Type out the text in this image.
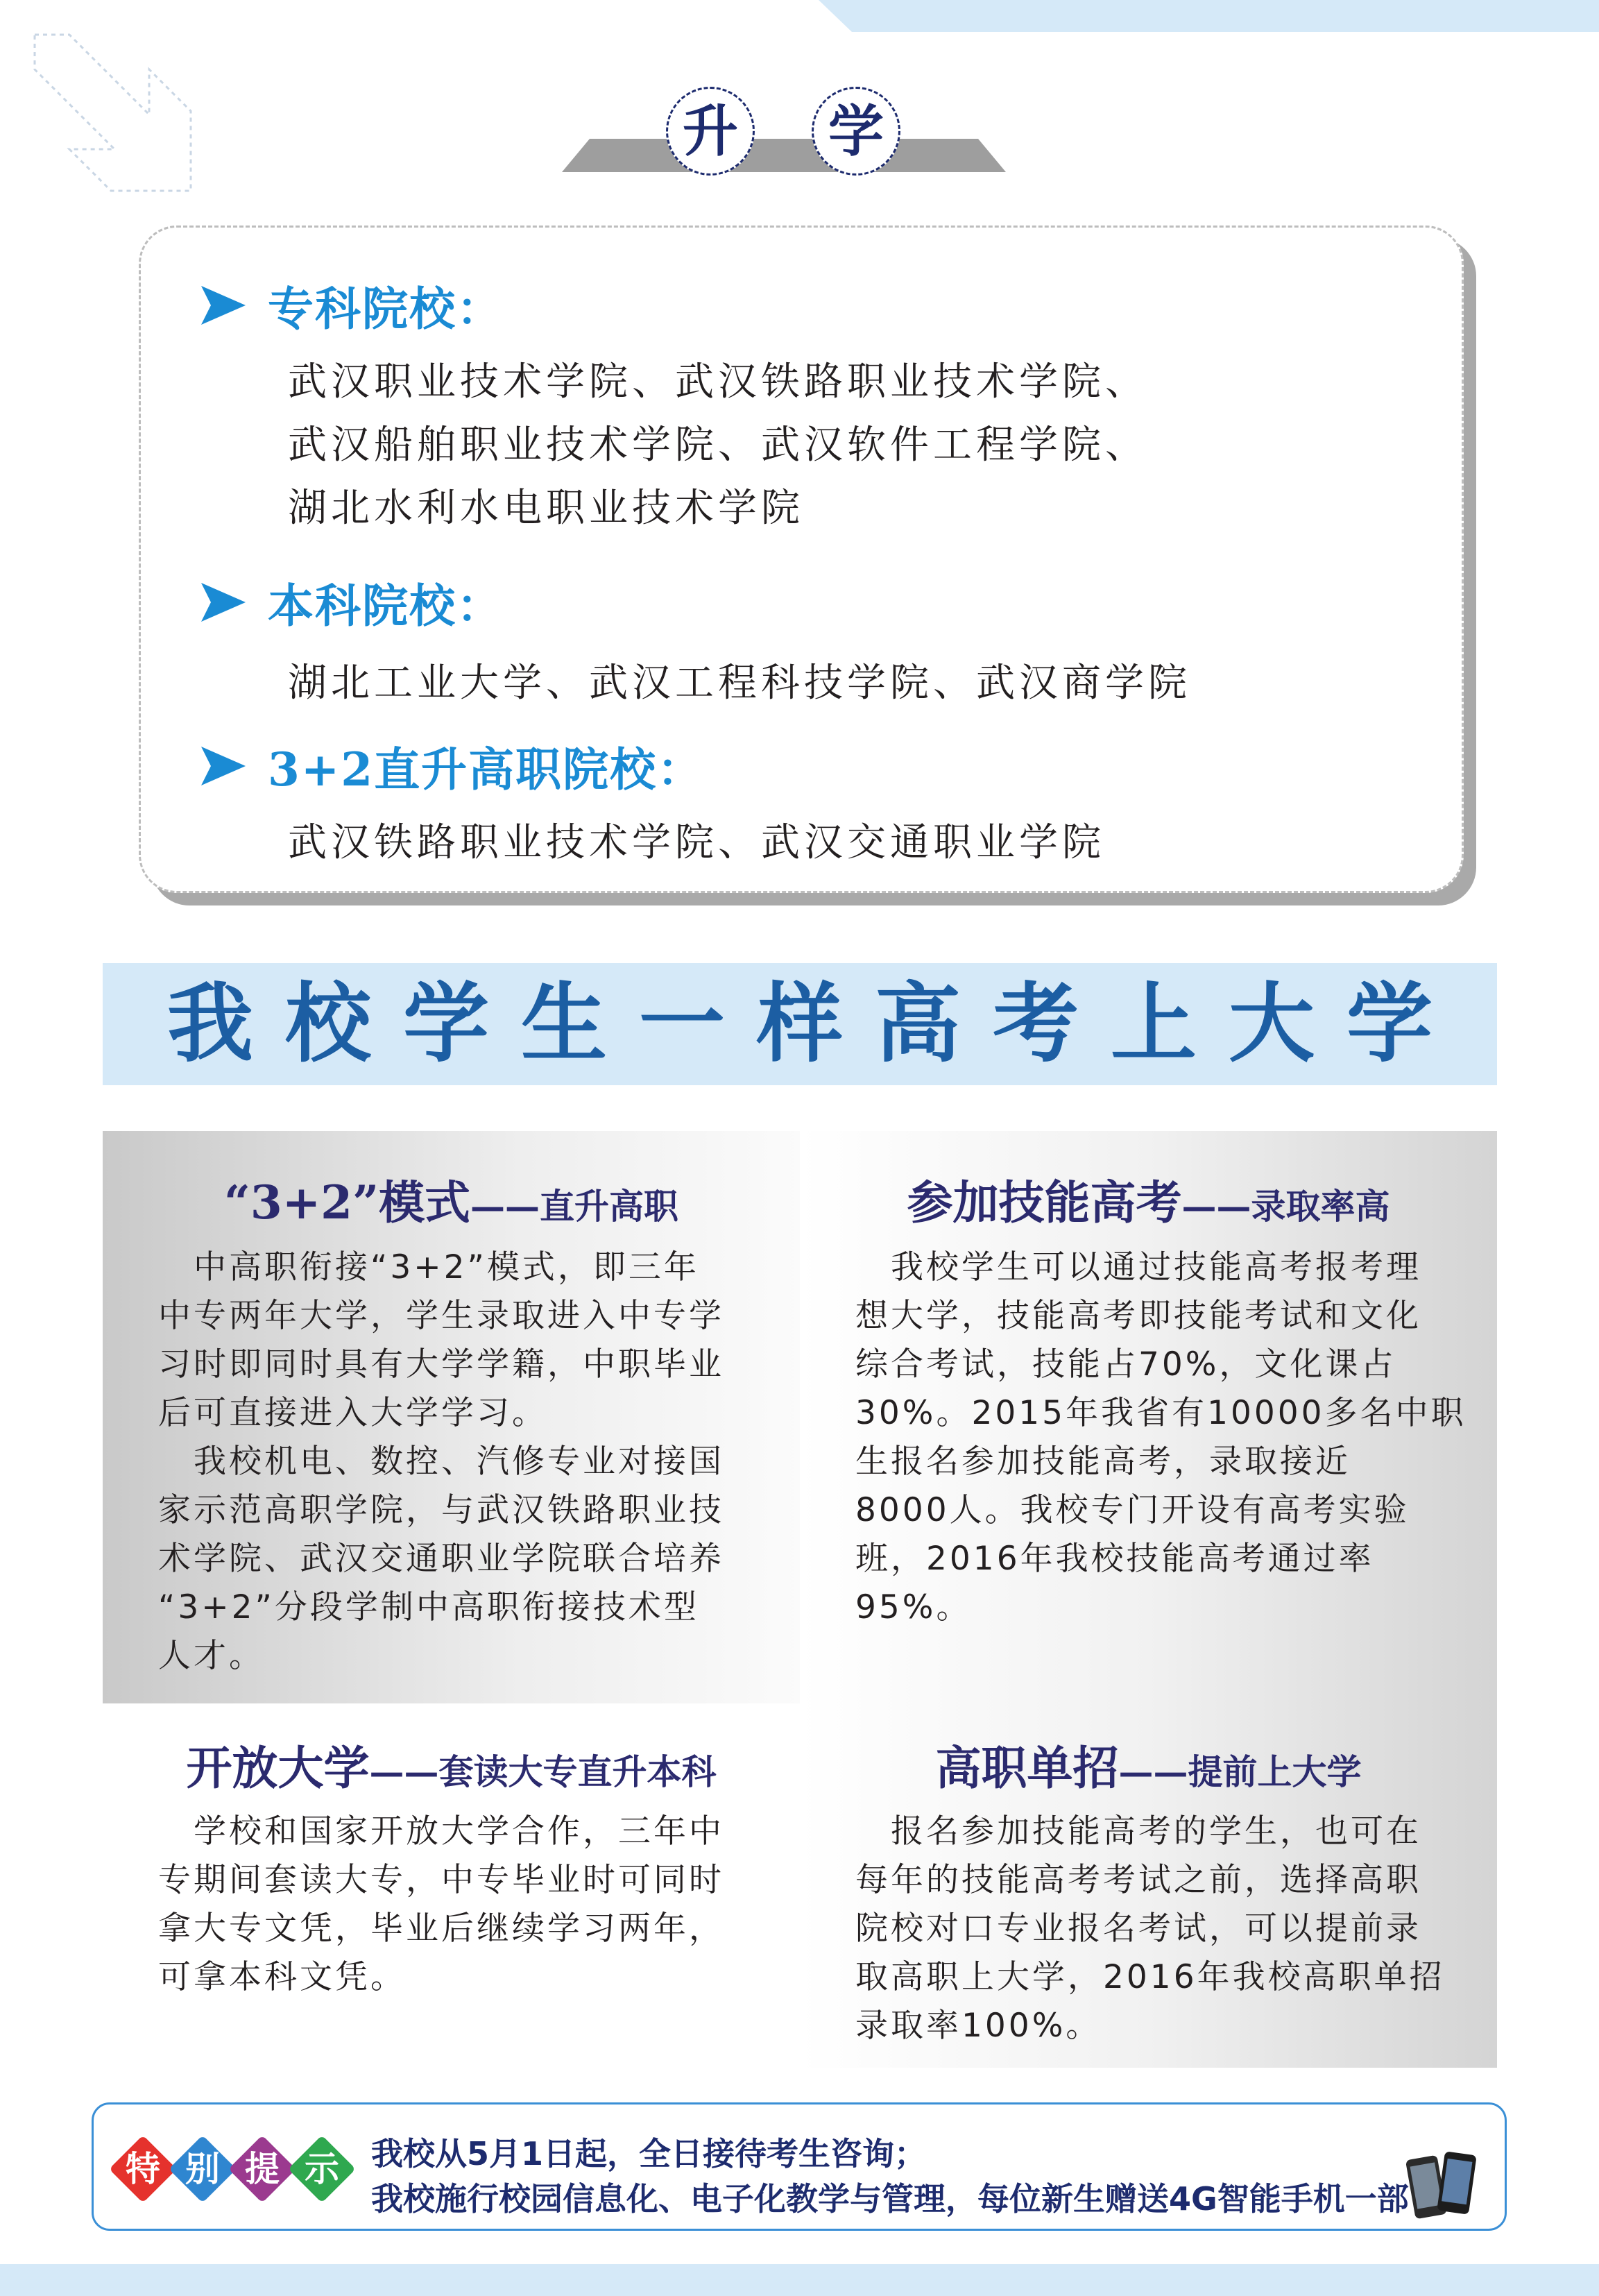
升	学
专科院校：
武汉职业技术学院、武汉铁路职业技术学院、
武汉船舶职业技术学院、武汉软件工程学院、
湖北水利水电职业技术学院
本科院校：
湖北工业大学、武汉工程科技学院、武汉商学院
3+2直升高职院校：
武汉铁路职业技术学院、武汉交通职业学院
我校学生一样高考上大学
“3+2”模式——直升高职
　中高职衔接“3+2”模式，即三年
中专两年大学，学生录取进入中专学
习时即同时具有大学学籍，中职毕业
后可直接进入大学学习。
　我校机电、数控、汽修专业对接国
家示范高职学院，与武汉铁路职业技
术学院、武汉交通职业学院联合培养
“3+2”分段学制中高职衔接技术型
人才。
参加技能高考——录取率高
　我校学生可以通过技能高考报考理
想大学，技能高考即技能考试和文化
综合考试，技能占70%，文化课占
30%。2015年我省有10000多名中职
生报名参加技能高考，录取接近
8000人。我校专门开设有高考实验
班，2016年我校技能高考通过率
95%。
开放大学——套读大专直升本科
　学校和国家开放大学合作，三年中
专期间套读大专，中专毕业时可同时
拿大专文凭，毕业后继续学习两年，
可拿本科文凭。
高职单招——提前上大学
　报名参加技能高考的学生，也可在
每年的技能高考考试之前，选择高职
院校对口专业报名考试，可以提前录
取高职上大学，2016年我校高职单招
录取率100%。
特 别 提 示	我校从5月1日起，全日接待考生咨询；
我校施行校园信息化、电子化教学与管理，每位新生赠送4G智能手机一部
